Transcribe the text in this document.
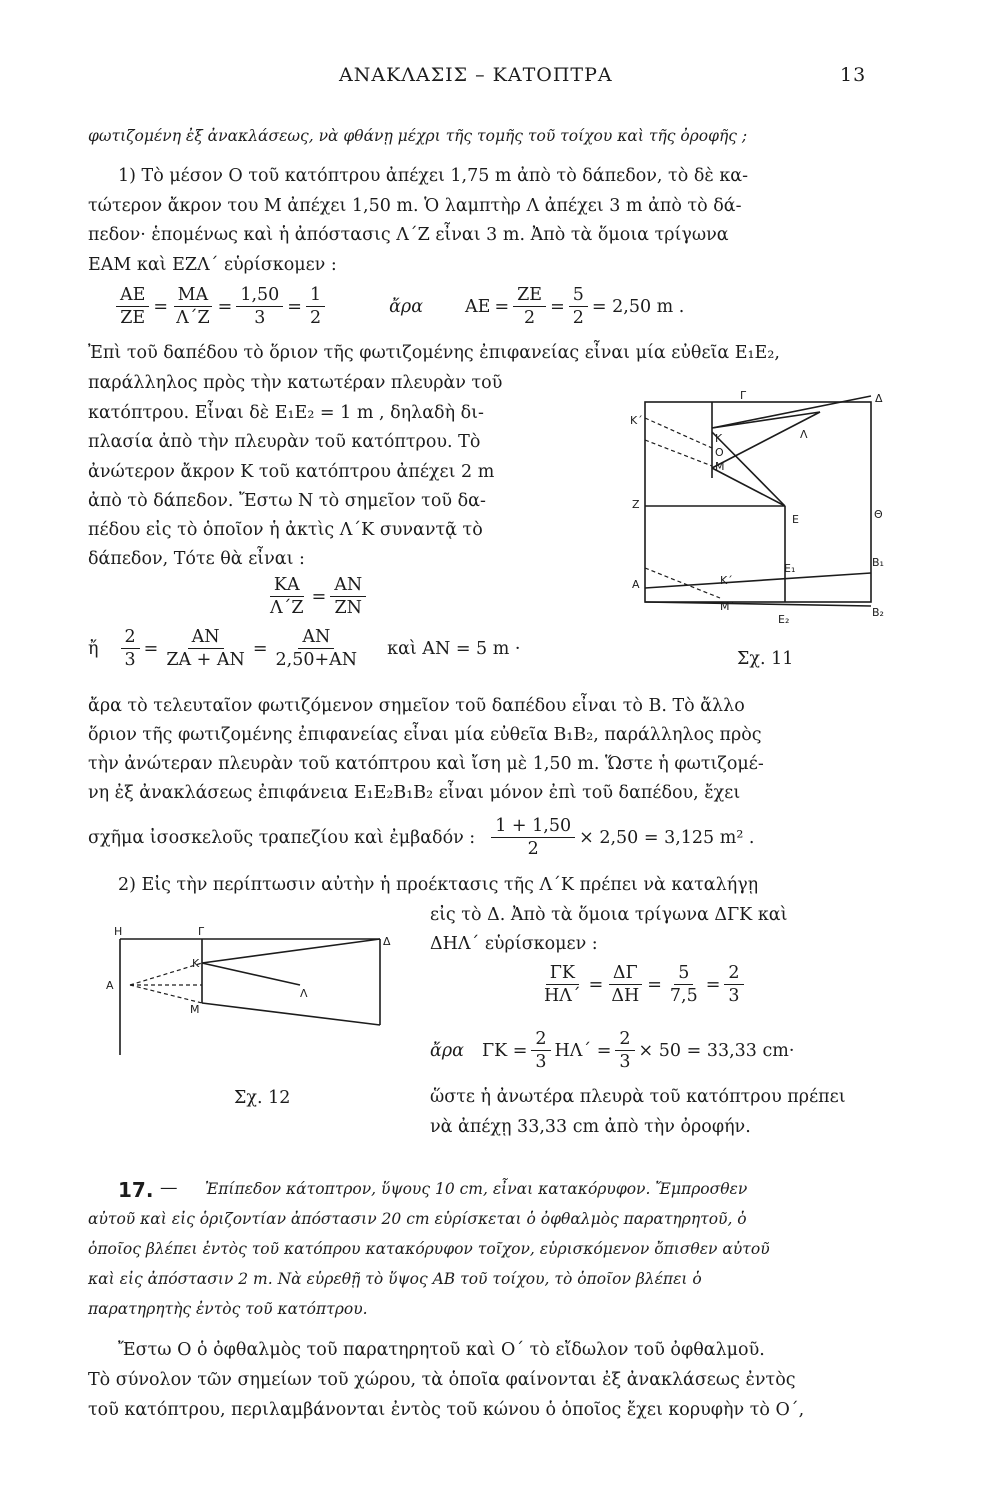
ΑΝΑΚΛΑΣΙΣ – ΚΑΤΟΠΤΡΑ	13
φωτιζομένη ἐξ ἀνακλάσεως, νὰ φθάνῃ μέχρι τῆς τομῆς τοῦ τοίχου καὶ τῆς ὀροφῆς ;
1) Τὸ μέσον Ο τοῦ κατόπτρου ἀπέχει 1,75 m ἀπὸ τὸ δάπεδον, τὸ δὲ κα-
τώτερον ἄκρον του Μ ἀπέχει 1,50 m. Ὁ λαμπτὴρ Λ ἀπέχει 3 m ἀπὸ τὸ δά-
πεδον· ἑπομένως καὶ ἡ ἀπόστασις Λ΄Ζ εἶναι 3 m. Ἀπὸ τὰ ὅμοια τρίγωνα
ΕΑΜ καὶ ΕΖΛ΄ εὑρίσκομεν :
$\frac{AE}{ZE} = \frac{MA}{\Lambda΄Z} = \frac{1,50}{3} = \frac{1}{2}$	ἄρα $AE = \frac{ZE}{2} = \frac{5}{2} = 2,50$ m .
Ἐπὶ τοῦ δαπέδου τὸ ὅριον τῆς φωτιζομένης ἐπιφανείας εἶναι μία εὐθεῖα Ε₁Ε₂,
παράλληλος πρὸς τὴν κατωτέραν πλευρὰν τοῦ
κατόπτρου. Εἶναι δὲ Ε₁Ε₂ = 1 m , δηλαδὴ δι-
πλασία ἀπὸ τὴν πλευρὰν τοῦ κατόπτρου. Τὸ
ἀνώτερον ἄκρον Κ τοῦ κατόπτρου ἀπέχει 2 m
ἀπὸ τὸ δάπεδον. Ἔστω Ν τὸ σημεῖον τοῦ δα-
πέδου εἰς τὸ ὁποῖον ἡ ἀκτὶς Λ΄Κ συναντᾷ τὸ
δάπεδον, Τότε θὰ εἶναι :
$\frac{KA}{\Lambda΄Z} = \frac{AN}{ZN}$
ἤ $\frac{2}{3} = \frac{AN}{ZA + AN} = \frac{AN}{2,50+AN}$ καὶ ΑΝ = 5 m ·
Σχ. 11
Γ	Δ
Κ΄
Κ
Ο
Μ
Λ
Ζ
Ε	Θ
Ε₁	Β₁
Α	Κ΄
Μ΄
Ε₂
Β₂
ἄρα τὸ τελευταῖον φωτιζόμενον σημεῖον τοῦ δαπέδου εἶναι τὸ Β. Τὸ ἄλλο
ὅριον τῆς φωτιζομένης ἐπιφανείας εἶναι μία εὐθεῖα Β₁Β₂, παράλληλος πρὸς
τὴν ἀνώτεραν πλευρὰν τοῦ κατόπτρου καὶ ἴση μὲ 1,50 m. Ὥστε ἡ φωτιζομέ-
νη ἐξ ἀνακλάσεως ἐπιφάνεια Ε₁Ε₂Β₁Β₂ εἶναι μόνον ἐπὶ τοῦ δαπέδου, ἔχει
σχῆμα ἰσοσκελοῦς τραπεζίου καὶ ἐμβαδόν : $\frac{1 + 1,50}{2} \times 2,50 = 3,125$ m² .
2) Εἰς τὴν περίπτωσιν αὐτὴν ἡ προέκτασις τῆς Λ΄Κ πρέπει νὰ καταλήγῃ
εἰς τὸ Δ. Ἀπὸ τὰ ὅμοια τρίγωνα ΔΓΚ καὶ
ΔΗΛ΄ εὑρίσκομεν :
$\frac{\Gamma K}{H\Lambda΄} = \frac{\Delta\Gamma}{\Delta H} = \frac{5}{7,5} = \frac{2}{3}$
ἄρα $\Gamma K = \frac{2}{3} H\Lambda΄ = \frac{2}{3} \times 50 = 33,33$ cm·
ὥστε ἡ ἀνωτέρα πλευρὰ τοῦ κατόπτρου πρέπει
νὰ ἀπέχῃ 33,33 cm ἀπὸ τὴν ὀροφήν.
Σχ. 12
Η	Γ
Δ
Κ
Λ
Α
Μ
17. — Ἐπίπεδον κάτοπτρον, ὕψους 10 cm, εἶναι κατακόρυφον. Ἔμπροσθεν
αὐτοῦ καὶ εἰς ὁριζοντίαν ἀπόστασιν 20 cm εὑρίσκεται ὁ ὀφθαλμὸς παρατηρητοῦ, ὁ
ὁποῖος βλέπει ἐντὸς τοῦ κατόπρου κατακόρυφον τοῖχον, εὑρισκόμενον ὄπισθεν αὐτοῦ
καὶ εἰς ἀπόστασιν 2 m. Νὰ εὑρεθῇ τὸ ὕψος ΑΒ τοῦ τοίχου, τὸ ὁποῖον βλέπει ὁ
παρατηρητὴς ἐντὸς τοῦ κατόπτρου.
Ἔστω Ο ὁ ὀφθαλμὸς τοῦ παρατηρητοῦ καὶ Ο΄ τὸ εἴδωλον τοῦ ὀφθαλμοῦ.
Τὸ σύνολον τῶν σημείων τοῦ χώρου, τὰ ὁποῖα φαίνονται ἐξ ἀνακλάσεως ἐντὸς
τοῦ κατόπτρου, περιλαμβάνονται ἐντὸς τοῦ κώνου ὁ ὁποῖος ἔχει κορυφὴν τὸ Ο΄,
